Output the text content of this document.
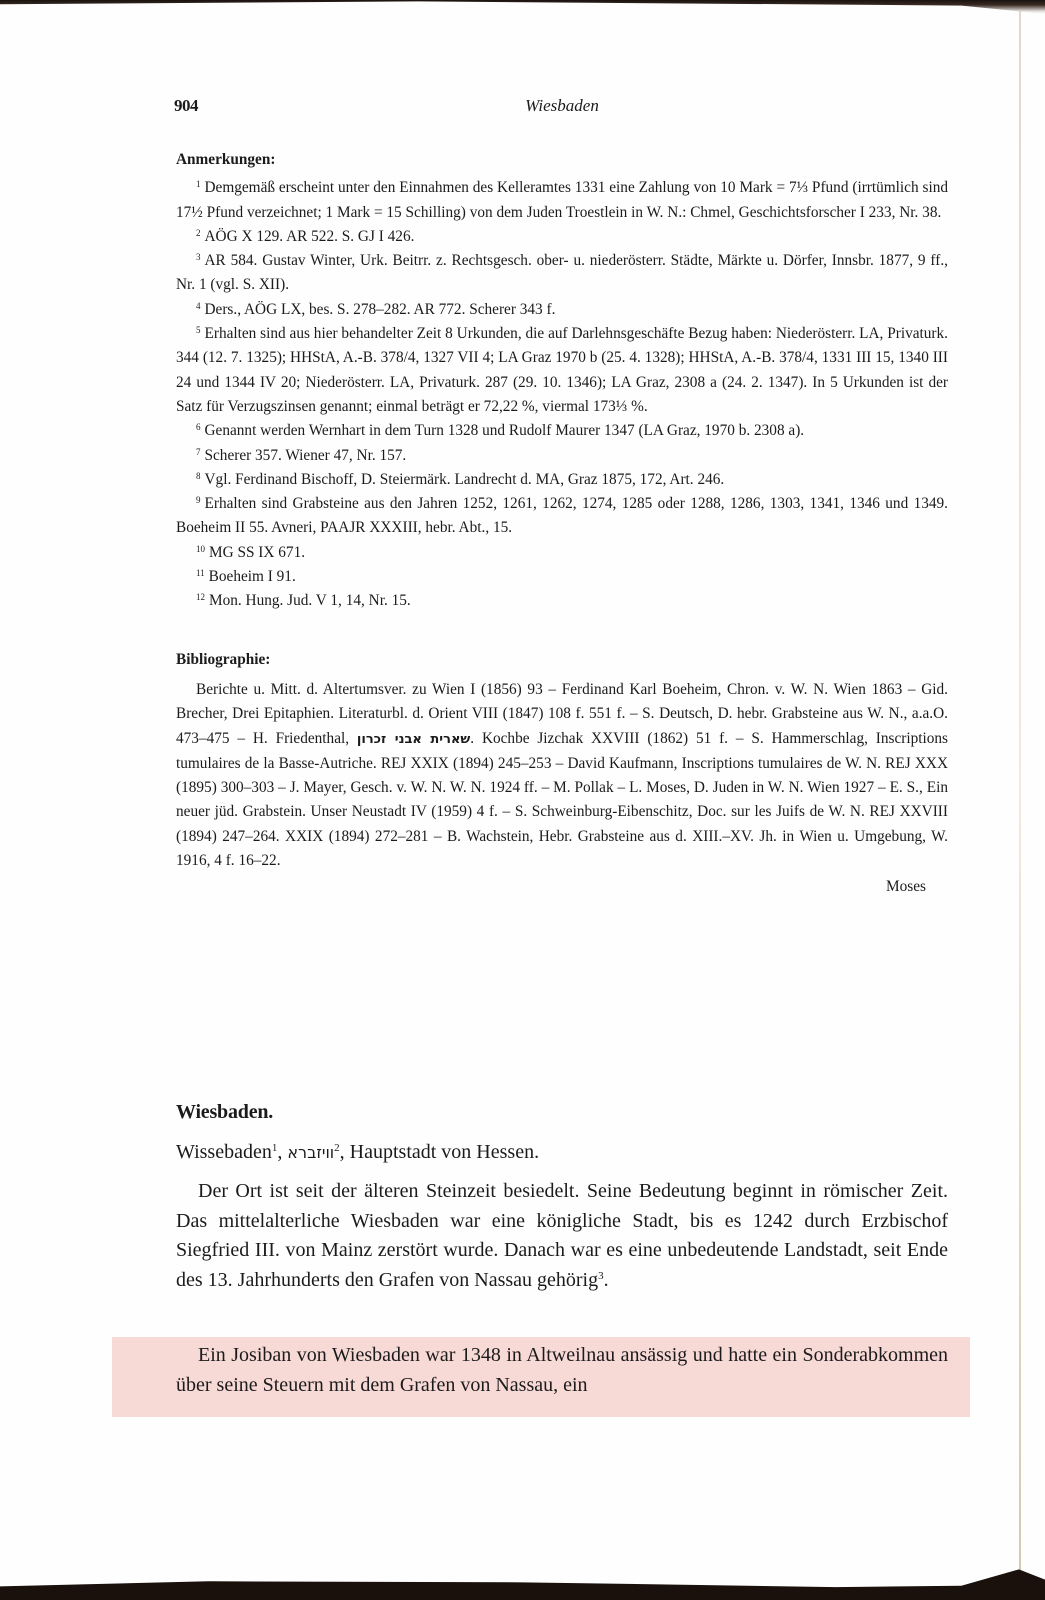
904	Wiesbaden

Anmerkungen:

$^1$ Demgemäß erscheint unter den Einnahmen des Kelleramtes 1331 eine Zahlung von 10 Mark = 7⅓ Pfund (irrtümlich sind 17½ Pfund verzeichnet; 1 Mark = 15 Schilling) von dem Juden Troestlein in W. N.: Chmel, Geschichtsforscher I 233, Nr. 38.

$^2$ AÖG X 129. AR 522. S. GJ I 426.

$^3$ AR 584. Gustav Winter, Urk. Beitrr. z. Rechtsgesch. ober- u. niederösterr. Städte, Märkte u. Dörfer, Innsbr. 1877, 9 ff., Nr. 1 (vgl. S. XII).

$^4$ Ders., AÖG LX, bes. S. 278–282. AR 772. Scherer 343 f.

$^5$ Erhalten sind aus hier behandelter Zeit 8 Urkunden, die auf Darlehnsgeschäfte Bezug haben: Niederösterr. LA, Privaturk. 344 (12. 7. 1325); HHStA, A.-B. 378/4, 1327 VII 4; LA Graz 1970 b (25. 4. 1328); HHStA, A.-B. 378/4, 1331 III 15, 1340 III 24 und 1344 IV 20; Niederösterr. LA, Privaturk. 287 (29. 10. 1346); LA Graz, 2308 a (24. 2. 1347). In 5 Urkunden ist der Satz für Verzugszinsen genannt; einmal beträgt er 72,22 %, viermal 173⅓ %.

$^6$ Genannt werden Wernhart in dem Turn 1328 und Rudolf Maurer 1347 (LA Graz, 1970 b. 2308 a).

$^7$ Scherer 357. Wiener 47, Nr. 157.

$^8$ Vgl. Ferdinand Bischoff, D. Steiermärk. Landrecht d. MA, Graz 1875, 172, Art. 246.

$^9$ Erhalten sind Grabsteine aus den Jahren 1252, 1261, 1262, 1274, 1285 oder 1288, 1286, 1303, 1341, 1346 und 1349. Boeheim II 55. Avneri, PAAJR XXXIII, hebr. Abt., 15.

$^{10}$ MG SS IX 671.

$^{11}$ Boeheim I 91.

$^{12}$ Mon. Hung. Jud. V 1, 14, Nr. 15.

Bibliographie:

Berichte u. Mitt. d. Altertumsver. zu Wien I (1856) 93 – Ferdinand Karl Boeheim, Chron. v. W. N. Wien 1863 – Gid. Brecher, Drei Epitaphien. Literaturbl. d. Orient VIII (1847) 108 f. 551 f. – S. Deutsch, D. hebr. Grabsteine aus W. N., a.a.O. 473–475 – H. Friedenthal, שארית אבני זכרון. Kochbe Jizchak XXVIII (1862) 51 f. – S. Hammerschlag, Inscriptions tumulaires de la Basse-Autriche. REJ XXIX (1894) 245–253 – David Kaufmann, Inscriptions tumulaires de W. N. REJ XXX (1895) 300–303 – J. Mayer, Gesch. v. W. N. W. N. 1924 ff. – M. Pollak – L. Moses, D. Juden in W. N. Wien 1927 – E. S., Ein neuer jüd. Grabstein. Unser Neustadt IV (1959) 4 f. – S. Schweinburg-Eibenschitz, Doc. sur les Juifs de W. N. REJ XXVIII (1894) 247–264. XXIX (1894) 272–281 – B. Wachstein, Hebr. Grabsteine aus d. XIII.–XV. Jh. in Wien u. Umgebung, W. 1916, 4 f. 16–22.

Moses

Wiesbaden.

Wissebaden$^1$, וויזברא$^2$, Hauptstadt von Hessen.

Der Ort ist seit der älteren Steinzeit besiedelt. Seine Bedeutung beginnt in römischer Zeit. Das mittelalterliche Wiesbaden war eine königliche Stadt, bis es 1242 durch Erzbischof Siegfried III. von Mainz zerstört wurde. Danach war es eine unbedeutende Landstadt, seit Ende des 13. Jahrhunderts den Grafen von Nassau gehörig$^3$.

Ein Josiban von Wiesbaden war 1348 in Altweilnau ansässig und hatte ein Sonderabkommen über seine Steuern mit dem Grafen von Nassau, ein
